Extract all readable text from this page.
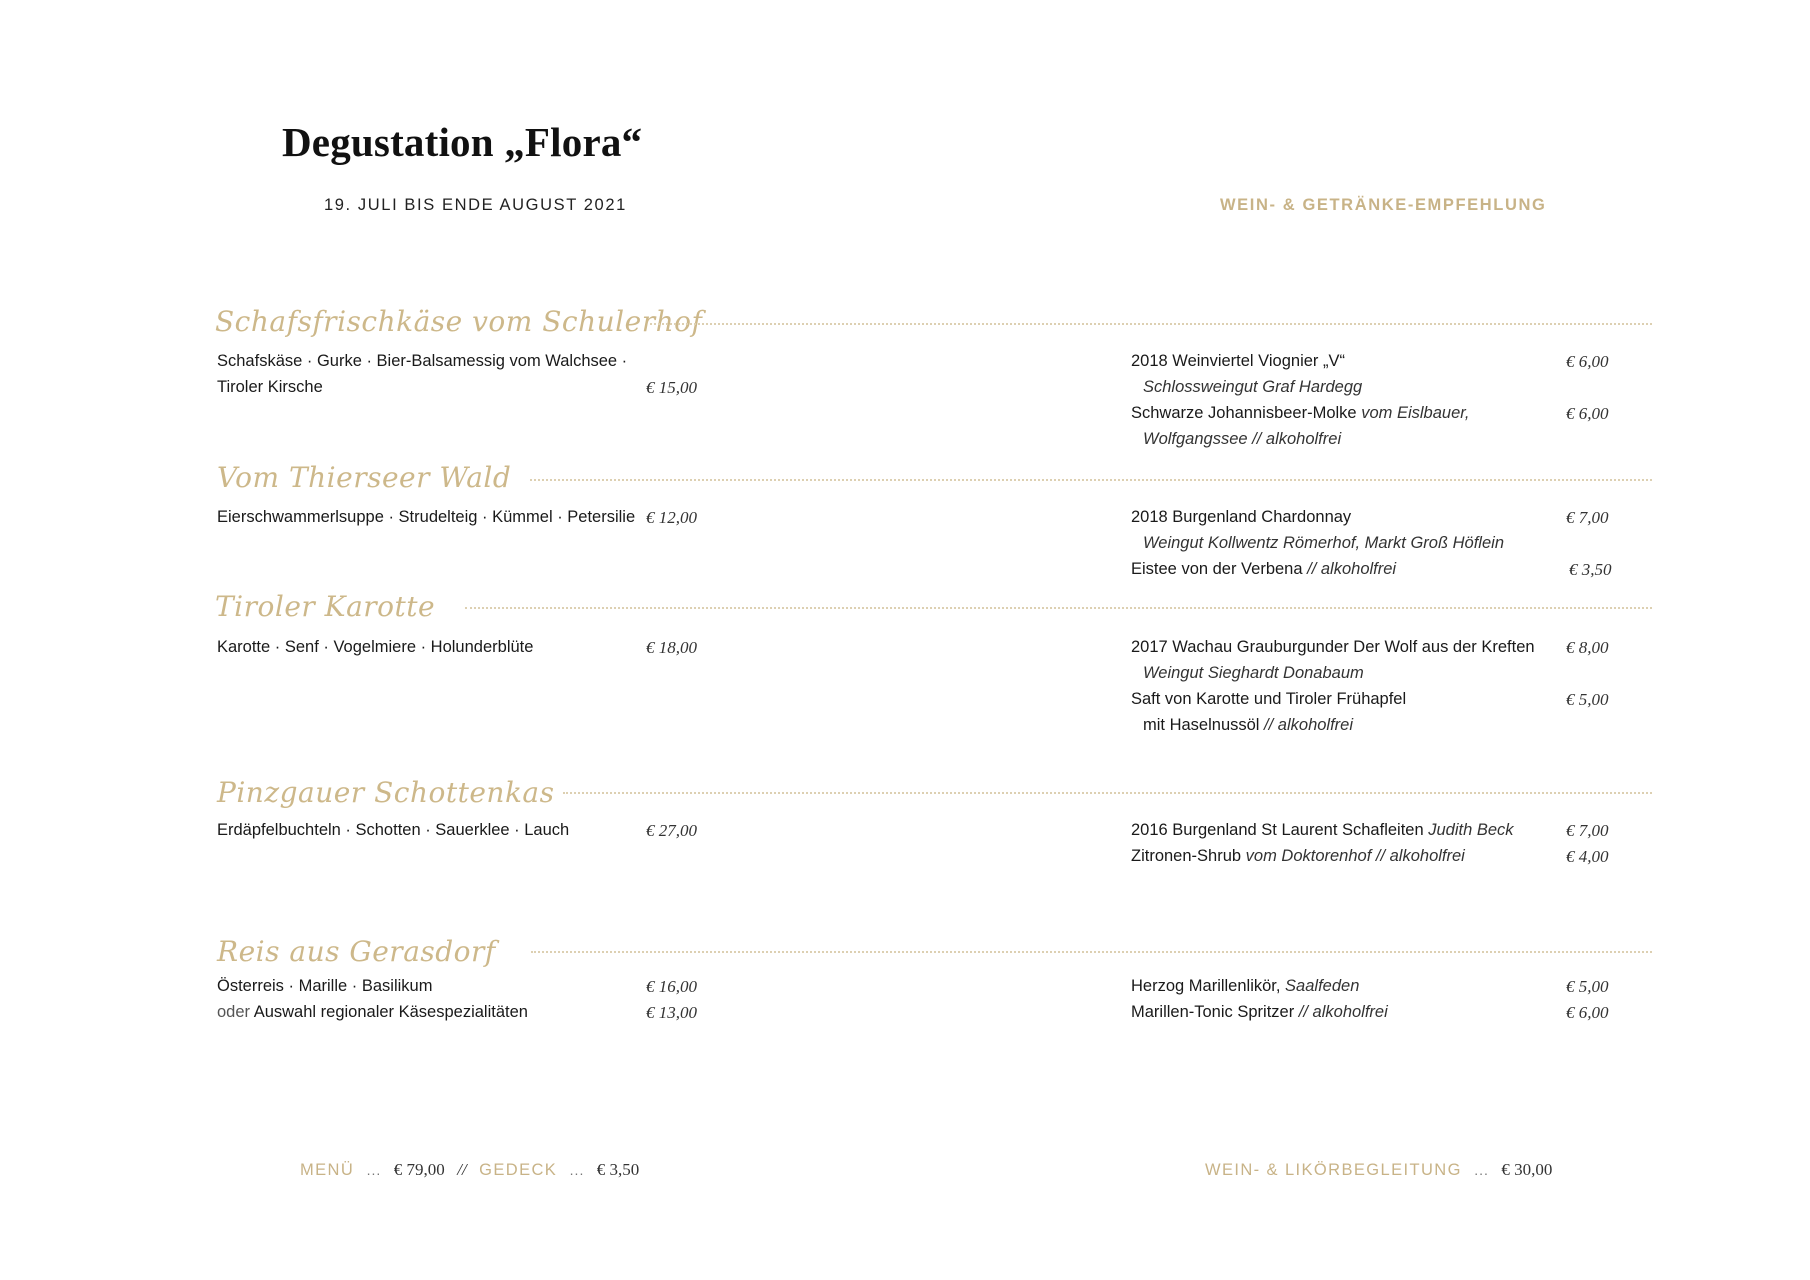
Degustation „Flora“
19. JULI BIS ENDE AUGUST 2021	WEIN- & GETRÄNKE-EMPFEHLUNG
Schafsfrischkäse vom Schulerhof
Schafskäse · Gurke · Bier-Balsamessig vom Walchsee ·
Tiroler Kirsche	€ 15,00
2018 Weinviertel Viognier „V“	€ 6,00
Schlossweingut Graf Hardegg
Schwarze Johannisbeer-Molke vom Eislbauer,	€ 6,00
Wolfgangssee // alkoholfrei
Vom Thierseer Wald
Eierschwammerlsuppe · Strudelteig · Kümmel · Petersilie € 12,00	2018 Burgenland Chardonnay	€ 7,00
Weingut Kollwentz Römerhof, Markt Groß Höflein
Eistee von der Verbena // alkoholfrei	€ 3,50
Tiroler Karotte
Karotte · Senf · Vogelmiere · Holunderblüte	€ 18,00	2017 Wachau Grauburgunder Der Wolf aus der Kreften € 8,00
Weingut Sieghardt Donabaum
Saft von Karotte und Tiroler Frühapfel	€ 5,00
mit Haselnussöl // alkoholfrei
Pinzgauer Schottenkas
Erdäpfelbuchteln · Schotten · Sauerklee · Lauch	€ 27,00	2016 Burgenland St Laurent Schafleiten Judith Beck	€ 7,00
Zitronen-Shrub vom Doktorenhof // alkoholfrei	€ 4,00
Reis aus Gerasdorf
Österreis · Marille · Basilikum	€ 16,00
oder Auswahl regionaler Käsespezialitäten	€ 13,00
Herzog Marillenlikör, Saalfeden	€ 5,00
Marillen-Tonic Spritzer // alkoholfrei	€ 6,00
MENÜ ... € 79,00 // GEDECK ... € 3,50	WEIN- & LIKÖRBEGLEITUNG ... € 30,00
